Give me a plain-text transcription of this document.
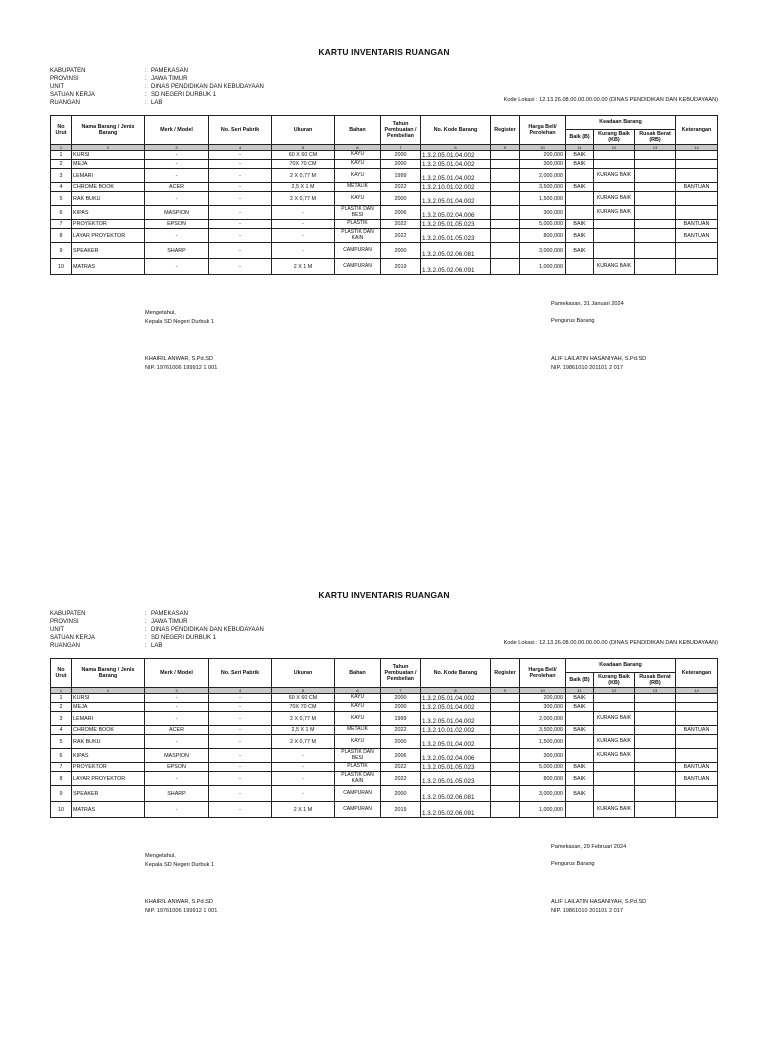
KARTU INVENTARIS RUANGAN
KABUPATEN	: PAMEKASAN
PROVINSI	: JAWA TIMUR
UNIT	: DINAS PENDIDIKAN DAN KEBUDAYAAN
SATUAN KERJA	: SD NEGERI DURBUK 1
RUANGAN	: LAB
Kode Lokasi : 12.13.26.08.00.00.00.00.00 (DINAS PENDIDIKAN DAN KEBUDAYAAN)
No Urut	Nama Barang / Jenis Barang	Merk / Model	No. Seri Pabrik	Ukuran	Bahan	Tahun Pembuatan / Pembelian	No. Kode Barang	Register	Harga Beli/ Perolehan	Keadaan Barang			Keterangan
										Baik (B)	Kurang Baik (KB)	Rusak Berat (RB)	
1	2	3	4	5	6	7	8	9	10	11	12	13	14
1	KURSI	-	-	60 X 60 CM	KAYU	2000	1.3.2.05.01.04.002		200,000	BAIK			
2	MEJA	-	-	70X 70 CM	KAYU	2000	1.3.2.05.01.04.002		300,000	BAIK			
3	LEMARI	-	-	2 X 0,77 M	KAYU	1999	1.3.2.05.01.04.002		2,000,000		KURANG BAIK		
4	CHROME BOOK	ACER	-	2,5 X 1 M	METALIK	2022	1.3.2.10.01.02.002		3,500,000	BAIK			BANTUAN
5	RAK BUKU	-	-	2 X 0,77 M	KAYU	2000	1.3.2.05.01.04.002		1,500,000		KURANG BAIK		
6	KIPAS	MASPION	-	-	PLASTIK DAN BESI	2006	1.3.2.05.02.04.006		300,000		KURANG BAIK		
7	PROYEKTOR	EPSON	-	-	PLASTIK	2022	1.3.2.05.01.05.023		5,000,000	BAIK			BANTUAN
8	LAYAR PROYEKTOR	-	-	-	PLASTIK DAN KAIN	2022	1.3.2.05.01.05.023		800,000	BAIK			BANTUAN
9	SPEAKER	SHARP	-	-	CAMPURAN	2000	1.3.2.05.02.06.081		3,000,000	BAIK			
10	MATRAS	-	-	2 X 1 M	CAMPURAN	2019	1.3.2.05.02.06.091		1,000,000		KURANG BAIK		
Pamekasan, 31 Januari 2024
Mengetahui,
Kepala SD Negeri Durbuk 1	Pengurus Barang
KHAIRIL ANWAR, S.Pd.SD
NIP. 19761006 199912 1 001
ALIF LAILATIN HASANIYAH, S.Pd.SD
NIP. 19861010 201101 2 017
KARTU INVENTARIS RUANGAN
KABUPATEN	: PAMEKASAN
PROVINSI	: JAWA TIMUR
UNIT	: DINAS PENDIDIKAN DAN KEBUDAYAAN
SATUAN KERJA	: SD NEGERI DURBUK 1
RUANGAN	: LAB
Kode Lokasi : 12.13.26.08.00.00.00.00.00 (DINAS PENDIDIKAN DAN KEBUDAYAAN)
No Urut	Nama Barang / Jenis Barang	Merk / Model	No. Seri Pabrik	Ukuran	Bahan	Tahun Pembuatan / Pembelian	No. Kode Barang	Register	Harga Beli/ Perolehan	Keadaan Barang			Keterangan
										Baik (B)	Kurang Baik (KB)	Rusak Berat (RB)	
1	2	3	4	5	6	7	8	9	10	11	12	13	14
1	KURSI	-	-	60 X 60 CM	KAYU	2000	1.3.2.05.01.04.002		200,000	BAIK			
2	MEJA	-	-	70X 70 CM	KAYU	2000	1.3.2.05.01.04.002		300,000	BAIK			
3	LEMARI	-	-	2 X 0,77 M	KAYU	1999	1.3.2.05.01.04.002		2,000,000		KURANG BAIK		
4	CHROME BOOK	ACER	-	2,5 X 1 M	METALIK	2022	1.3.2.10.01.02.002		3,500,000	BAIK			BANTUAN
5	RAK BUKU	-	-	2 X 0,77 M	KAYU	2000	1.3.2.05.01.04.002		1,500,000		KURANG BAIK		
6	KIPAS	MASPION	-	-	PLASTIK DAN BESI	2006	1.3.2.05.02.04.006		300,000		KURANG BAIK		
7	PROYEKTOR	EPSON	-	-	PLASTIK	2022	1.3.2.05.01.05.023		5,000,000	BAIK			BANTUAN
8	LAYAR PROYEKTOR	-	-	-	PLASTIK DAN KAIN	2022	1.3.2.05.01.05.023		800,000	BAIK			BANTUAN
9	SPEAKER	SHARP	-	-	CAMPURAN	2000	1.3.2.05.02.06.081		3,000,000	BAIK			
10	MATRAS	-	-	2 X 1 M	CAMPURAN	2019	1.3.2.05.02.06.091		1,000,000		KURANG BAIK		
Pamekasan, 29 Februari 2024
Mengetahui,
Kepala SD Negeri Durbuk 1	Pengurus Barang
KHAIRIL ANWAR, S.Pd.SD
NIP. 19761006 199912 1 001
ALIF LAILATIN HASANIYAH, S.Pd.SD
NIP. 19861010 201101 2 017
